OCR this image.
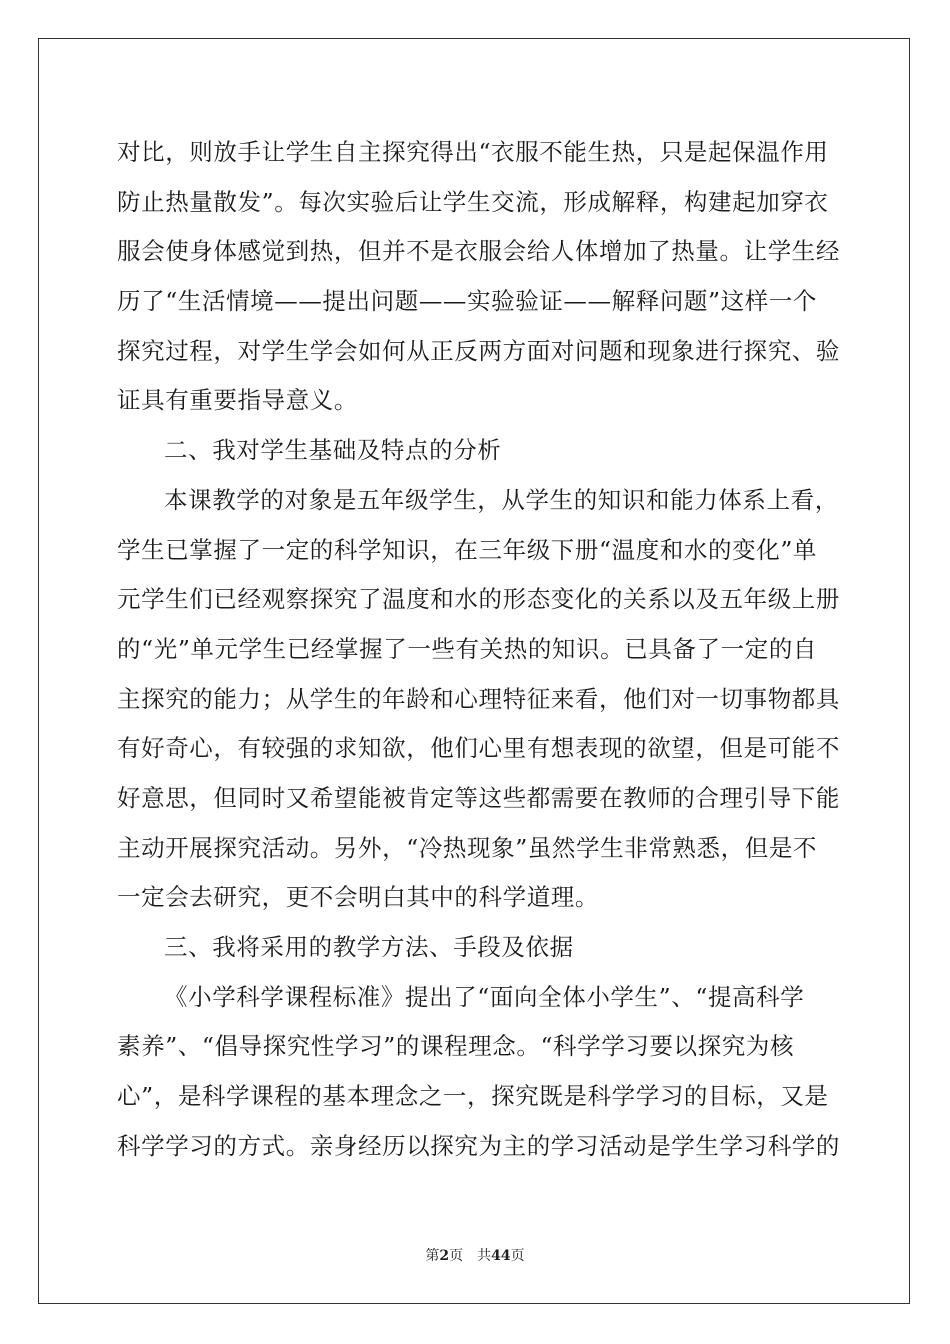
对比，则放手让学生自主探究得出“衣服不能生热，只是起保温作用
防止热量散发”。每次实验后让学生交流，形成解释，构建起加穿衣
服会使身体感觉到热，但并不是衣服会给人体增加了热量。让学生经
历了“生活情境——提出问题——实验验证——解释问题”这样一个
探究过程，对学生学会如何从正反两方面对问题和现象进行探究、验
证具有重要指导意义。
二、我对学生基础及特点的分析
本课教学的对象是五年级学生，从学生的知识和能力体系上看，
学生已掌握了一定的科学知识，在三年级下册“温度和水的变化”单
元学生们已经观察探究了温度和水的形态变化的关系以及五年级上册
的“光”单元学生已经掌握了一些有关热的知识。已具备了一定的自
主探究的能力；从学生的年龄和心理特征来看，他们对一切事物都具
有好奇心，有较强的求知欲，他们心里有想表现的欲望，但是可能不
好意思，但同时又希望能被肯定等这些都需要在教师的合理引导下能
主动开展探究活动。另外，“冷热现象”虽然学生非常熟悉，但是不
一定会去研究，更不会明白其中的科学道理。
三、我将采用的教学方法、手段及依据
《小学科学课程标准》提出了“面向全体小学生”、“提高科学
素养”、“倡导探究性学习”的课程理念。“科学学习要以探究为核
心”，是科学课程的基本理念之一，探究既是科学学习的目标，又是
科学学习的方式。亲身经历以探究为主的学习活动是学生学习科学的
第2页 共44页
